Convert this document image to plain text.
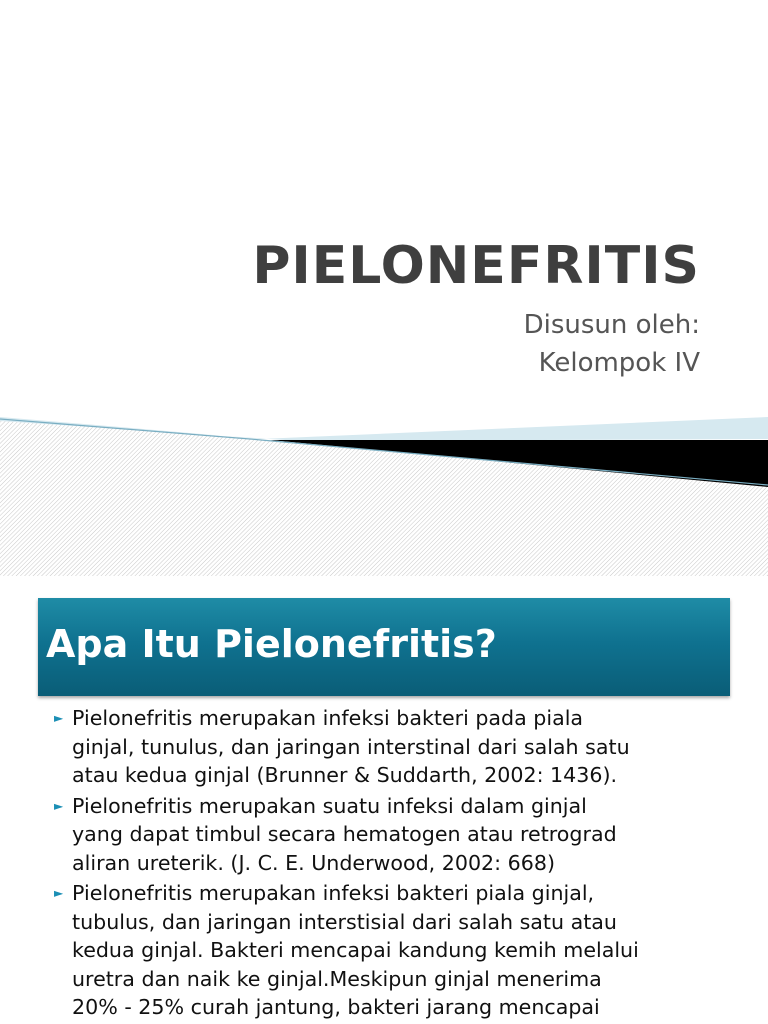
PIELONEFRITIS

Disusun oleh:

Kelompok IV

Apa Itu Pielonefritis?
► Pielonefritis merupakan infeksi bakteri pada piala
ginjal, tunulus, dan jaringan interstinal dari salah satu
atau kedua ginjal (Brunner & Suddarth, 2002: 1436).
► Pielonefritis merupakan suatu infeksi dalam ginjal
yang dapat timbul secara hematogen atau retrograd
aliran ureterik. (J. C. E. Underwood, 2002: 668)
► Pielonefritis merupakan infeksi bakteri piala ginjal,
tubulus, dan jaringan interstisial dari salah satu atau
kedua ginjal. Bakteri mencapai kandung kemih melalui
uretra dan naik ke ginjal.Meskipun ginjal menerima
20% - 25% curah jantung, bakteri jarang mencapai
